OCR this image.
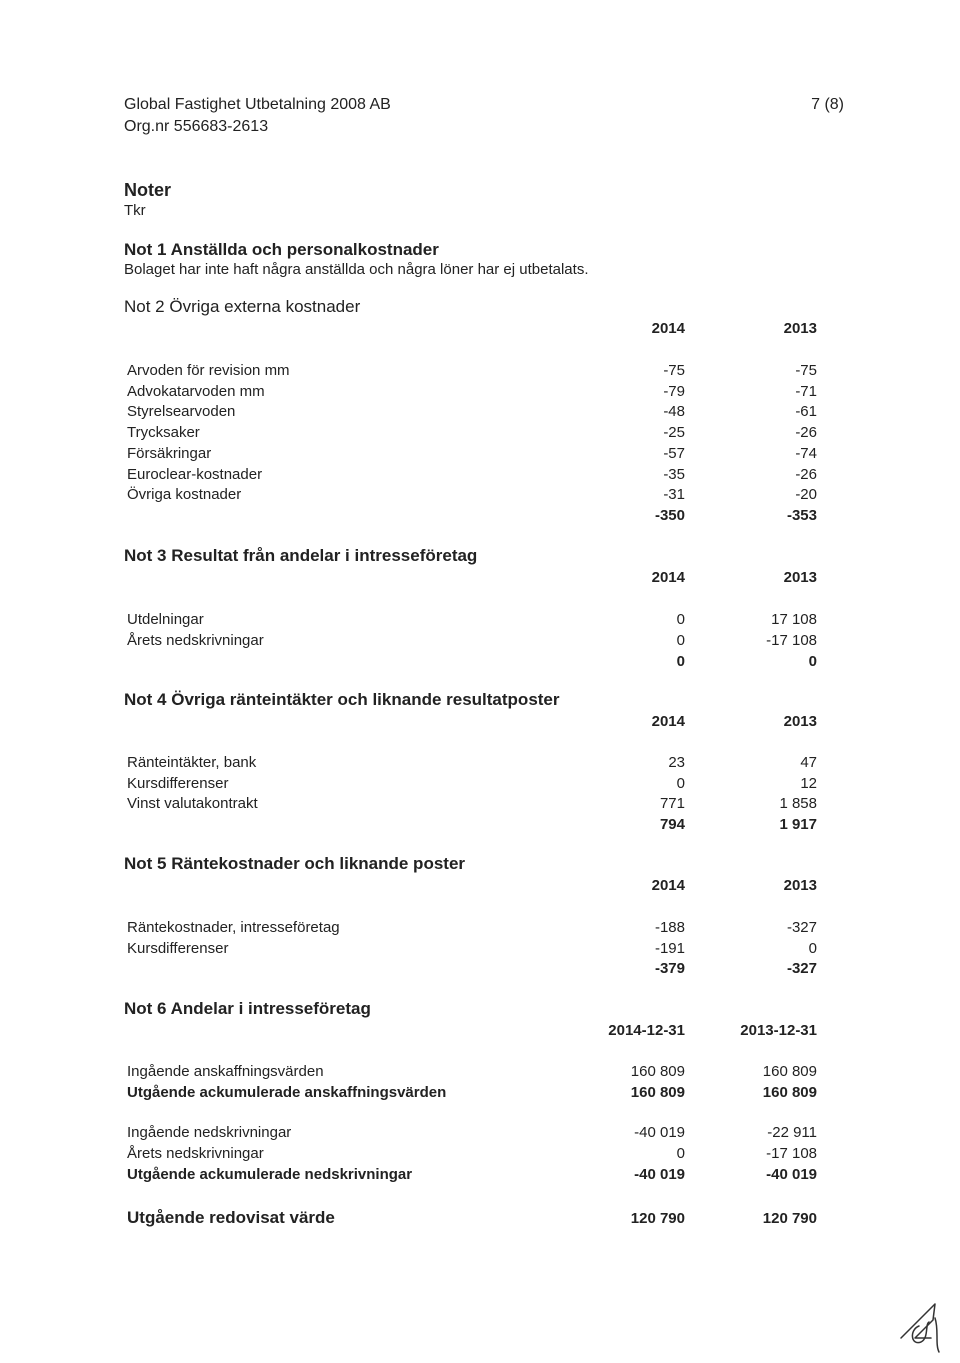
Global Fastighet Utbetalning 2008 AB
Org.nr 556683-2613
7 (8)
Noter
Tkr
Not 1 Anställda och personalkostnader
Bolaget har inte haft några anställda och några löner har ej utbetalats.
Not 2 Övriga externa kostnader
2014	2013
Arvoden för revision mm	-75	-75
Advokatarvoden mm	-79	-71
Styrelsearvoden	-48	-61
Trycksaker	-25	-26
Försäkringar	-57	-74
Euroclear-kostnader	-35	-26
Övriga kostnader	-31	-20
-350	-353
Not 3 Resultat från andelar i intresseföretag
2014	2013
Utdelningar	0	17 108
Årets nedskrivningar	0	-17 108
0	0
Not 4 Övriga ränteintäkter och liknande resultatposter
2014	2013
Ränteintäkter, bank	23	47
Kursdifferenser	0	12
Vinst valutakontrakt	771	1 858
794	1 917
Not 5 Räntekostnader och liknande poster
2014	2013
Räntekostnader, intresseföretag	-188	-327
Kursdifferenser	-191	0
-379	-327
Not 6 Andelar i intresseföretag
2014-12-31	2013-12-31
Ingående anskaffningsvärden	160 809	160 809
Utgående ackumulerade anskaffningsvärden	160 809	160 809
Ingående nedskrivningar	-40 019	-22 911
Årets nedskrivningar	0	-17 108
Utgående ackumulerade nedskrivningar	-40 019	-40 019
Utgående redovisat värde	120 790	120 790
